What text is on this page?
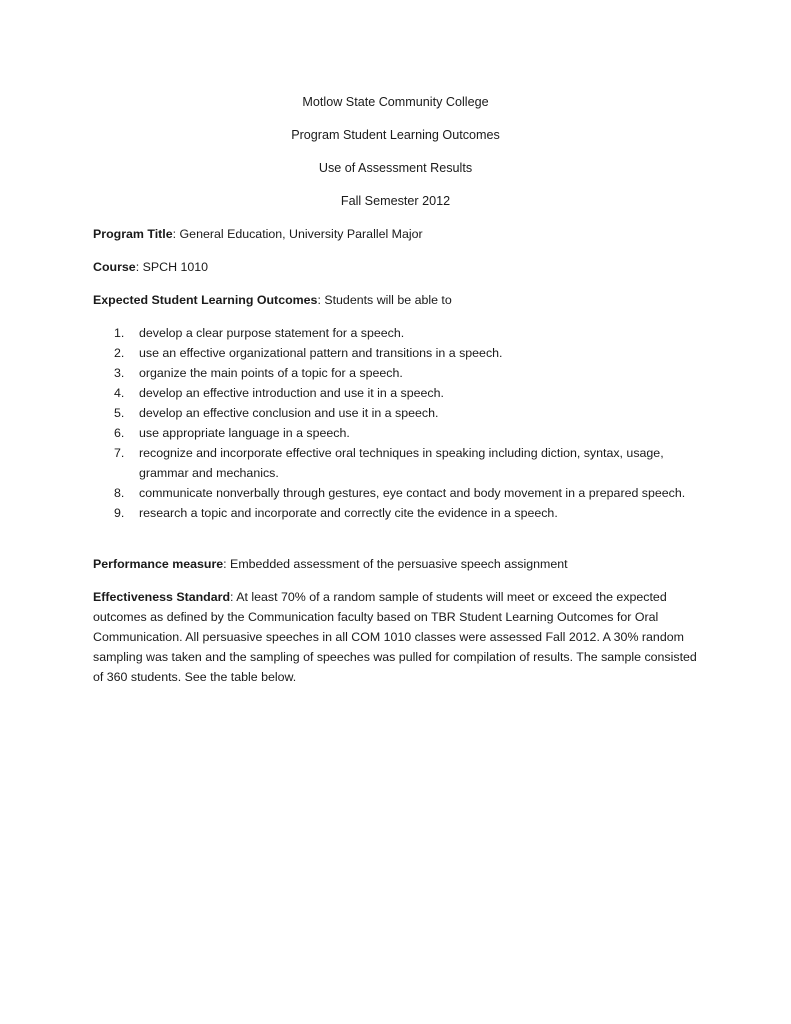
Motlow State Community College
Program Student Learning Outcomes
Use of Assessment Results
Fall Semester 2012
Program Title: General Education, University Parallel Major
Course: SPCH 1010
Expected Student Learning Outcomes: Students will be able to
1. develop a clear purpose statement for a speech.
2. use an effective organizational pattern and transitions in a speech.
3. organize the main points of a topic for a speech.
4. develop an effective introduction and use it in a speech.
5. develop an effective conclusion and use it in a speech.
6. use appropriate language in a speech.
7. recognize and incorporate effective oral techniques in speaking including diction, syntax, usage, grammar and mechanics.
8. communicate nonverbally through gestures, eye contact and body movement in a prepared speech.
9. research a topic and incorporate and correctly cite the evidence in a speech.
Performance measure: Embedded assessment of the persuasive speech assignment
Effectiveness Standard: At least 70% of a random sample of students will meet or exceed the expected outcomes as defined by the Communication faculty based on TBR Student Learning Outcomes for Oral Communication. All persuasive speeches in all COM 1010 classes were assessed Fall 2012. A 30% random sampling was taken and the sampling of speeches was pulled for compilation of results. The sample consisted of 360 students. See the table below.
